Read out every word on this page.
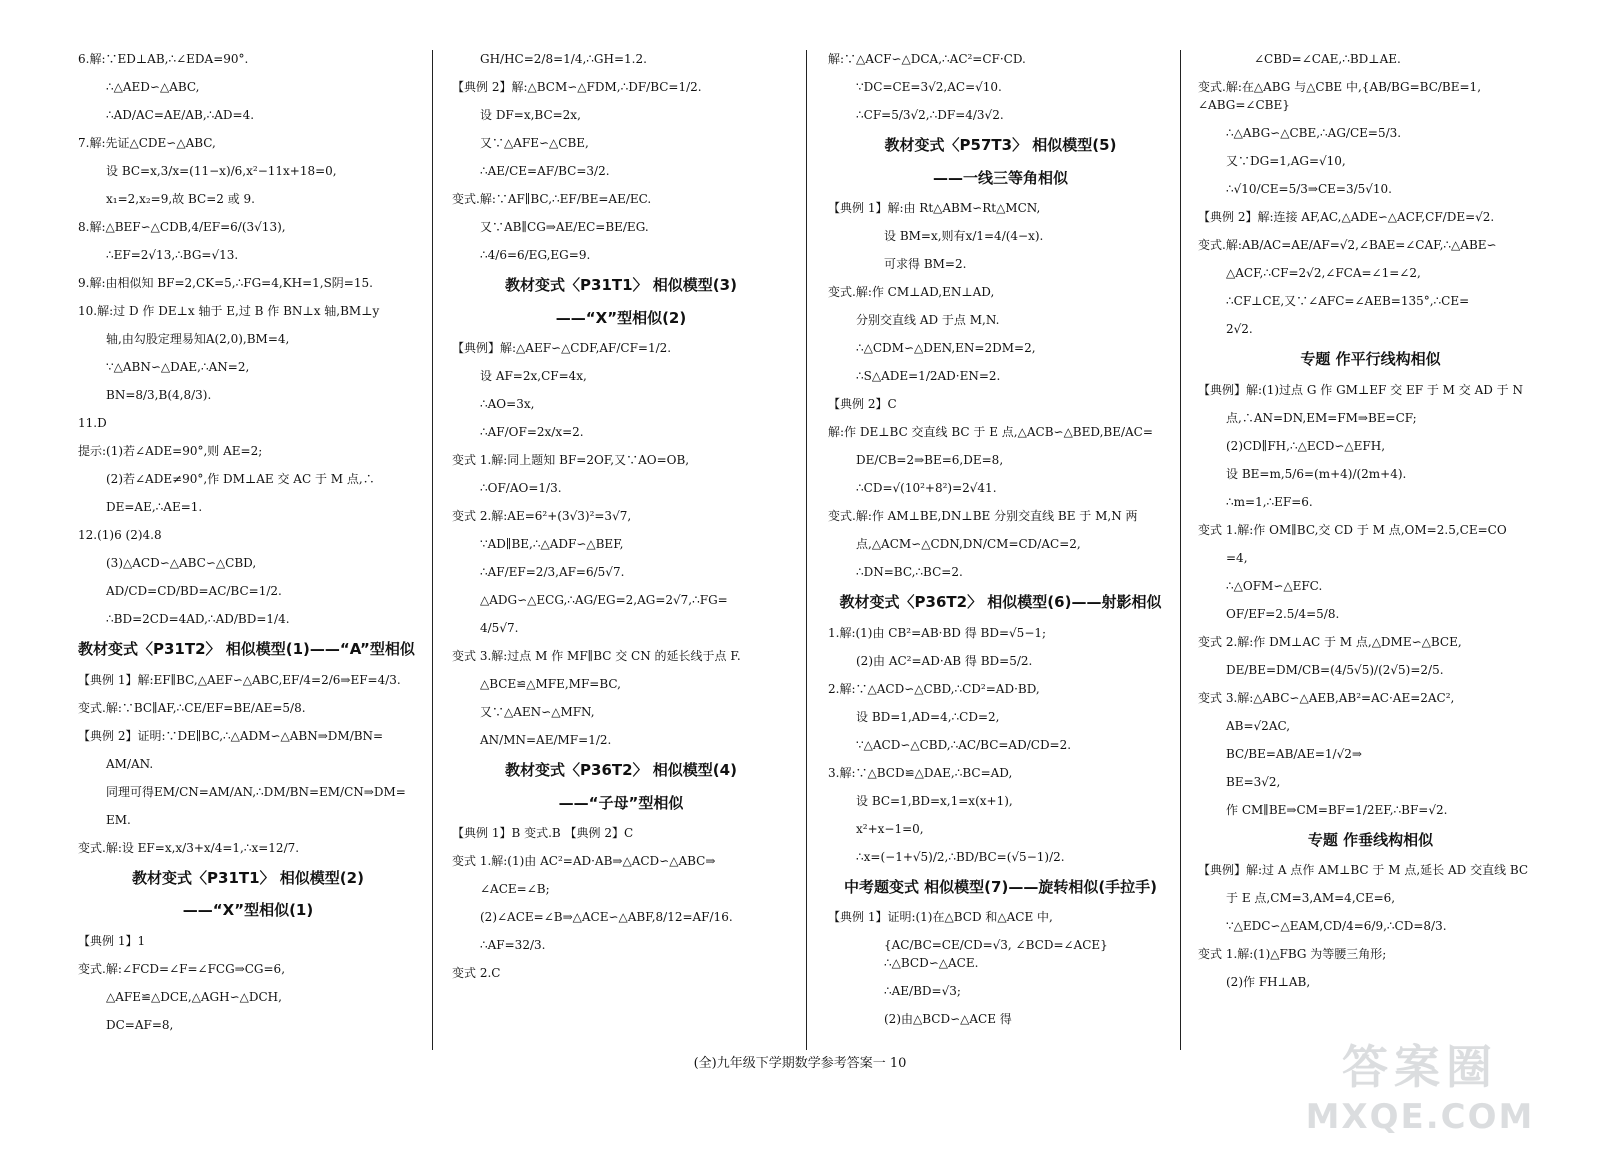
6.解:∵ED⊥AB,∴∠EDA=90°.
∴△AED∽△ABC,
∴AD/AC=AE/AB,∴AD=4.
7.解:先证△CDE∽△ABC,
设 BC=x,3/x=(11−x)/6,x²−11x+18=0,
x₁=2,x₂=9,故 BC=2 或 9.
8.解:△BEF∽△CDB,4/EF=6/(3√13),
∴EF=2√13,∴BG=√13.
9.解:由相似知 BF=2,CK=5,∴FG=4,KH=1,S阴=15.
10.解:过 D 作 DE⊥x 轴于 E,过 B 作 BN⊥x 轴,BM⊥y
轴,由勾股定理易知A(2,0),BM=4,
∵△ABN∽△DAE,∴AN=2,
BN=8/3,B(4,8/3).
11.D
提示:(1)若∠ADE=90°,则 AE=2;
(2)若∠ADE≠90°,作 DM⊥AE 交 AC 于 M 点,∴
DE=AE,∴AE=1.
12.(1)6 (2)4.8
(3)△ACD∽△ABC∽△CBD,
AD/CD=CD/BD=AC/BC=1/2.
∴BD=2CD=4AD,∴AD/BD=1/4.
教材变式〈P31T2〉 相似模型(1)——“A”型相似
【典例 1】解:EF∥BC,△AEF∽△ABC,EF/4=2/6⇒EF=4/3.
变式.解:∵BC∥AF,∴CE/EF=BE/AE=5/8.
【典例 2】证明:∵DE∥BC,∴△ADM∽△ABN⇒DM/BN=
AM/AN.
同理可得EM/CN=AM/AN,∴DM/BN=EM/CN⇒DM=
EM.
变式.解:设 EF=x,x/3+x/4=1,∴x=12/7.
教材变式〈P31T1〉 相似模型(2)
——“X”型相似(1)
【典例 1】1
变式.解:∠FCD=∠F=∠FCG⇒CG=6,
△AFE≌△DCE,△AGH∽△DCH,
DC=AF=8,
GH/HC=2/8=1/4,∴GH=1.2.
【典例 2】解:△BCM∽△FDM,∴DF/BC=1/2.
设 DF=x,BC=2x,
又∵△AFE∽△CBE,
∴AE/CE=AF/BC=3/2.
变式.解:∵AF∥BC,∴EF/BE=AE/EC.
又∵AB∥CG⇒AE/EC=BE/EG.
∴4/6=6/EG,EG=9.
教材变式〈P31T1〉 相似模型(3)
——“X”型相似(2)
【典例】解:△AEF∽△CDF,AF/CF=1/2.
设 AF=2x,CF=4x,
∴AO=3x,
∴AF/OF=2x/x=2.
变式 1.解:同上题知 BF=2OF,又∵AO=OB,
∴OF/AO=1/3.
变式 2.解:AE=6²+(3√3)²=3√7,
∵AD∥BE,∴△ADF∽△BEF,
∴AF/EF=2/3,AF=6/5√7.
△ADG∽△ECG,∴AG/EG=2,AG=2√7,∴FG=
4/5√7.
变式 3.解:过点 M 作 MF∥BC 交 CN 的延长线于点 F.
△BCE≌△MFE,MF=BC,
又∵△AEN∽△MFN,
AN/MN=AE/MF=1/2.
教材变式〈P36T2〉 相似模型(4)
——“子母”型相似
【典例 1】B 变式.B 【典例 2】C
变式 1.解:(1)由 AC²=AD·AB⇒△ACD∽△ABC⇒
∠ACE=∠B;
(2)∠ACE=∠B⇒△ACE∽△ABF,8/12=AF/16.
∴AF=32/3.
变式 2.C
解:∵△ACF∽△DCA,∴AC²=CF·CD.
∵DC=CE=3√2,AC=√10.
∴CF=5/3√2,∴DF=4/3√2.
教材变式〈P57T3〉 相似模型(5)
——一线三等角相似
【典例 1】解:由 Rt△ABM∽Rt△MCN,
设 BM=x,则有x/1=4/(4−x).
可求得 BM=2.
变式.解:作 CM⊥AD,EN⊥AD,
分别交直线 AD 于点 M,N.
∴△CDM∽△DEN,EN=2DM=2,
∴S△ADE=1/2AD·EN=2.
【典例 2】C
解:作 DE⊥BC 交直线 BC 于 E 点,△ACB∽△BED,BE/AC=
DE/CB=2⇒BE=6,DE=8,
∴CD=√(10²+8²)=2√41.
变式.解:作 AM⊥BE,DN⊥BE 分别交直线 BE 于 M,N 两
点,△ACM∽△CDN,DN/CM=CD/AC=2,
∴DN=BC,∴BC=2.
教材变式〈P36T2〉 相似模型(6)——射影相似
1.解:(1)由 CB²=AB·BD 得 BD=√5−1;
(2)由 AC²=AD·AB 得 BD=5/2.
2.解:∵△ACD∽△CBD,∴CD²=AD·BD,
设 BD=1,AD=4,∴CD=2,
∵△ACD∽△CBD,∴AC/BC=AD/CD=2.
3.解:∵△BCD≌△DAE,∴BC=AD,
设 BC=1,BD=x,1=x(x+1),
x²+x−1=0,
∴x=(−1+√5)/2,∴BD/BC=(√5−1)/2.
中考题变式 相似模型(7)——旋转相似(手拉手)
【典例 1】证明:(1)在△BCD 和△ACE 中,
{AC/BC=CE/CD=√3, ∠BCD=∠ACE} ∴△BCD∽△ACE.
∴AE/BD=√3;
(2)由△BCD∽△ACE 得
∠CBD=∠CAE,∴BD⊥AE.
变式.解:在△ABG 与△CBE 中,{AB/BG=BC/BE=1, ∠ABG=∠CBE}
∴△ABG∽△CBE,∴AG/CE=5/3.
又∵DG=1,AG=√10,
∴√10/CE=5/3⇒CE=3/5√10.
【典例 2】解:连接 AF,AC,△ADE∽△ACF,CF/DE=√2.
变式.解:AB/AC=AE/AF=√2,∠BAE=∠CAF,∴△ABE∽
△ACF,∴CF=2√2,∠FCA=∠1=∠2,
∴CF⊥CE,又∵∠AFC=∠AEB=135°,∴CE=
2√2.
专题 作平行线构相似
【典例】解:(1)过点 G 作 GM⊥EF 交 EF 于 M 交 AD 于 N
点,∴AN=DN,EM=FM⇒BE=CF;
(2)CD∥FH,∴△ECD∽△EFH,
设 BE=m,5/6=(m+4)/(2m+4).
∴m=1,∴EF=6.
变式 1.解:作 OM∥BC,交 CD 于 M 点,OM=2.5,CE=CO
=4,
∴△OFM∽△EFC.
OF/EF=2.5/4=5/8.
变式 2.解:作 DM⊥AC 于 M 点,△DME∽△BCE,
DE/BE=DM/CB=(4/5√5)/(2√5)=2/5.
变式 3.解:△ABC∽△AEB,AB²=AC·AE=2AC²,
AB=√2AC,
BC/BE=AB/AE=1/√2⇒
BE=3√2,
作 CM∥BE⇒CM=BF=1/2EF,∴BF=√2.
专题 作垂线构相似
【典例】解:过 A 点作 AM⊥BC 于 M 点,延长 AD 交直线 BC
于 E 点,CM=3,AM=4,CE=6,
∵△EDC∽△EAM,CD/4=6/9,∴CD=8/3.
变式 1.解:(1)△FBG 为等腰三角形;
(2)作 FH⊥AB,
(全)九年级下学期数学参考答案一 10	答案圈
MXQE.COM
